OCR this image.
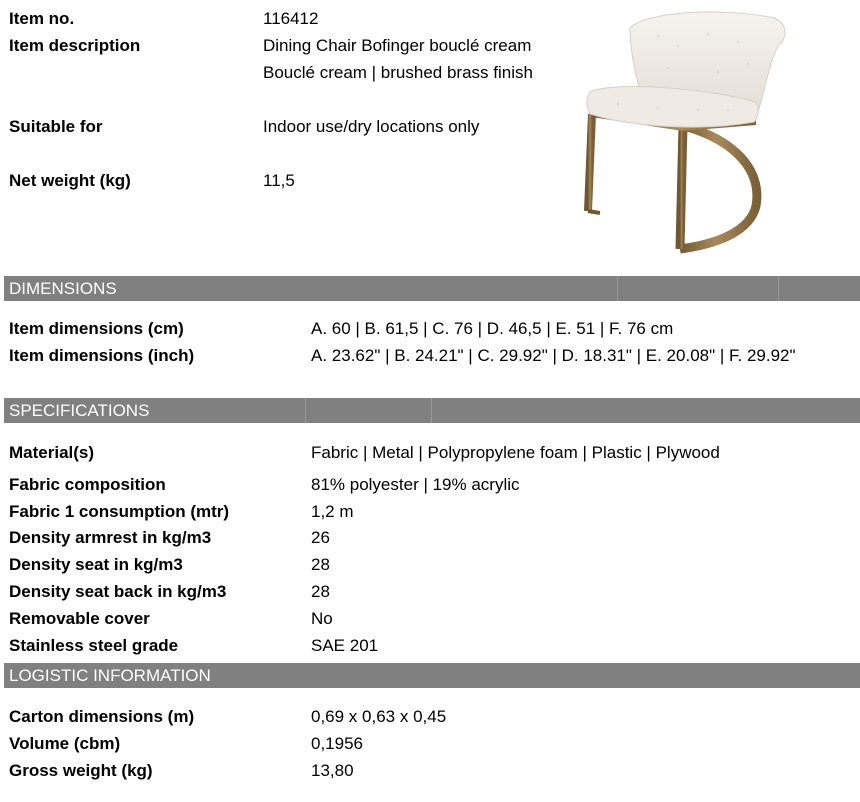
Item no.	116412
Item description	Dining Chair Bofinger bouclé cream
Bouclé cream | brushed brass finish
Suitable for	Indoor use/dry locations only
Net weight (kg)	11,5
DIMENSIONS
Item dimensions (cm)	A. 60 | B. 61,5 | C. 76 | D. 46,5 | E. 51 | F. 76 cm
Item dimensions (inch)	A. 23.62" | B. 24.21" | C. 29.92" | D. 18.31" | E. 20.08" | F. 29.92"
SPECIFICATIONS
Material(s)	Fabric | Metal | Polypropylene foam | Plastic | Plywood
Fabric composition	81% polyester | 19% acrylic
Fabric 1 consumption (mtr)	1,2 m
Density armrest in kg/m3	26
Density seat in kg/m3	28
Density seat back in kg/m3	28
Removable cover	No
Stainless steel grade	SAE 201
LOGISTIC INFORMATION
Carton dimensions (m)	0,69 x 0,63 x 0,45
Volume (cbm)	0,1956
Gross weight (kg)	13,80
